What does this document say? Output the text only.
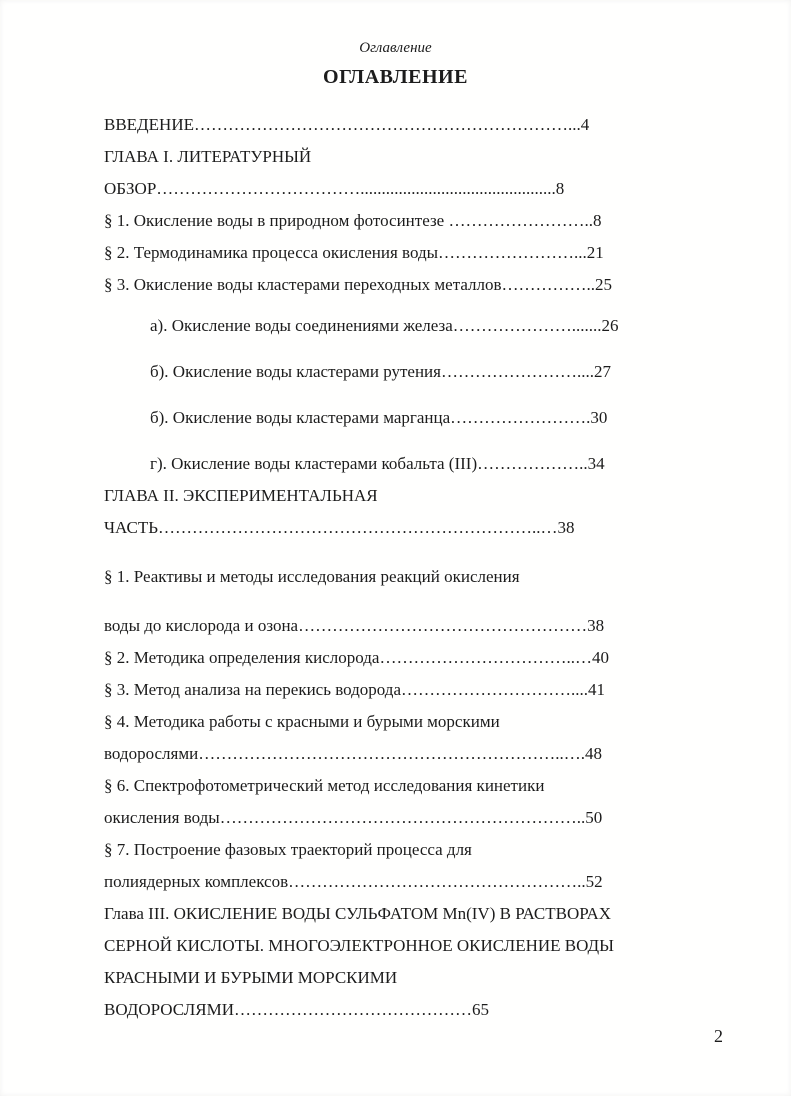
Оглавление
ОГЛАВЛЕНИЕ
ВВЕДЕНИЕ…………………………………………………………...4
ГЛАВА I. ЛИТЕРАТУРНЫЙ
ОБЗОР………………………………..............................................8
§ 1. Окисление воды в природном фотосинтезе ……………………..8
§ 2. Термодинамика процесса окисления воды……………………...21
§ 3. Окисление воды кластерами переходных металлов……………..25
а). Окисление воды соединениями железа………………….......26
б). Окисление воды кластерами рутения……………………....27
б). Окисление воды кластерами марганца…………………….30
г). Окисление воды кластерами кобальта (III)………………..34
ГЛАВА II. ЭКСПЕРИМЕНТАЛЬНАЯ
ЧАСТЬ…………………………………………………………..…38
§ 1. Реактивы и методы исследования реакций окисления
воды до кислорода и озона……………………………………………38
§ 2. Методика определения кислорода……………………………..…40
§ 3. Метод анализа на перекись водорода…………………………....41
§ 4. Методика работы с красными и бурыми морскими
водорослями………………………………………………………..….48
§ 6. Спектрофотометрический метод исследования кинетики
окисления воды………………………………………………………..50
§ 7. Построение фазовых траекторий процесса для
полиядерных комплексов……………………………………………..52
Глава III. ОКИСЛЕНИЕ ВОДЫ СУЛЬФАТОМ Mn(IV) В РАСТВОРАХ
СЕРНОЙ КИСЛОТЫ. МНОГОЭЛЕКТРОННОЕ ОКИСЛЕНИЕ ВОДЫ
КРАСНЫМИ И БУРЫМИ МОРСКИМИ
ВОДОРОСЛЯМИ……………………………………65
2
